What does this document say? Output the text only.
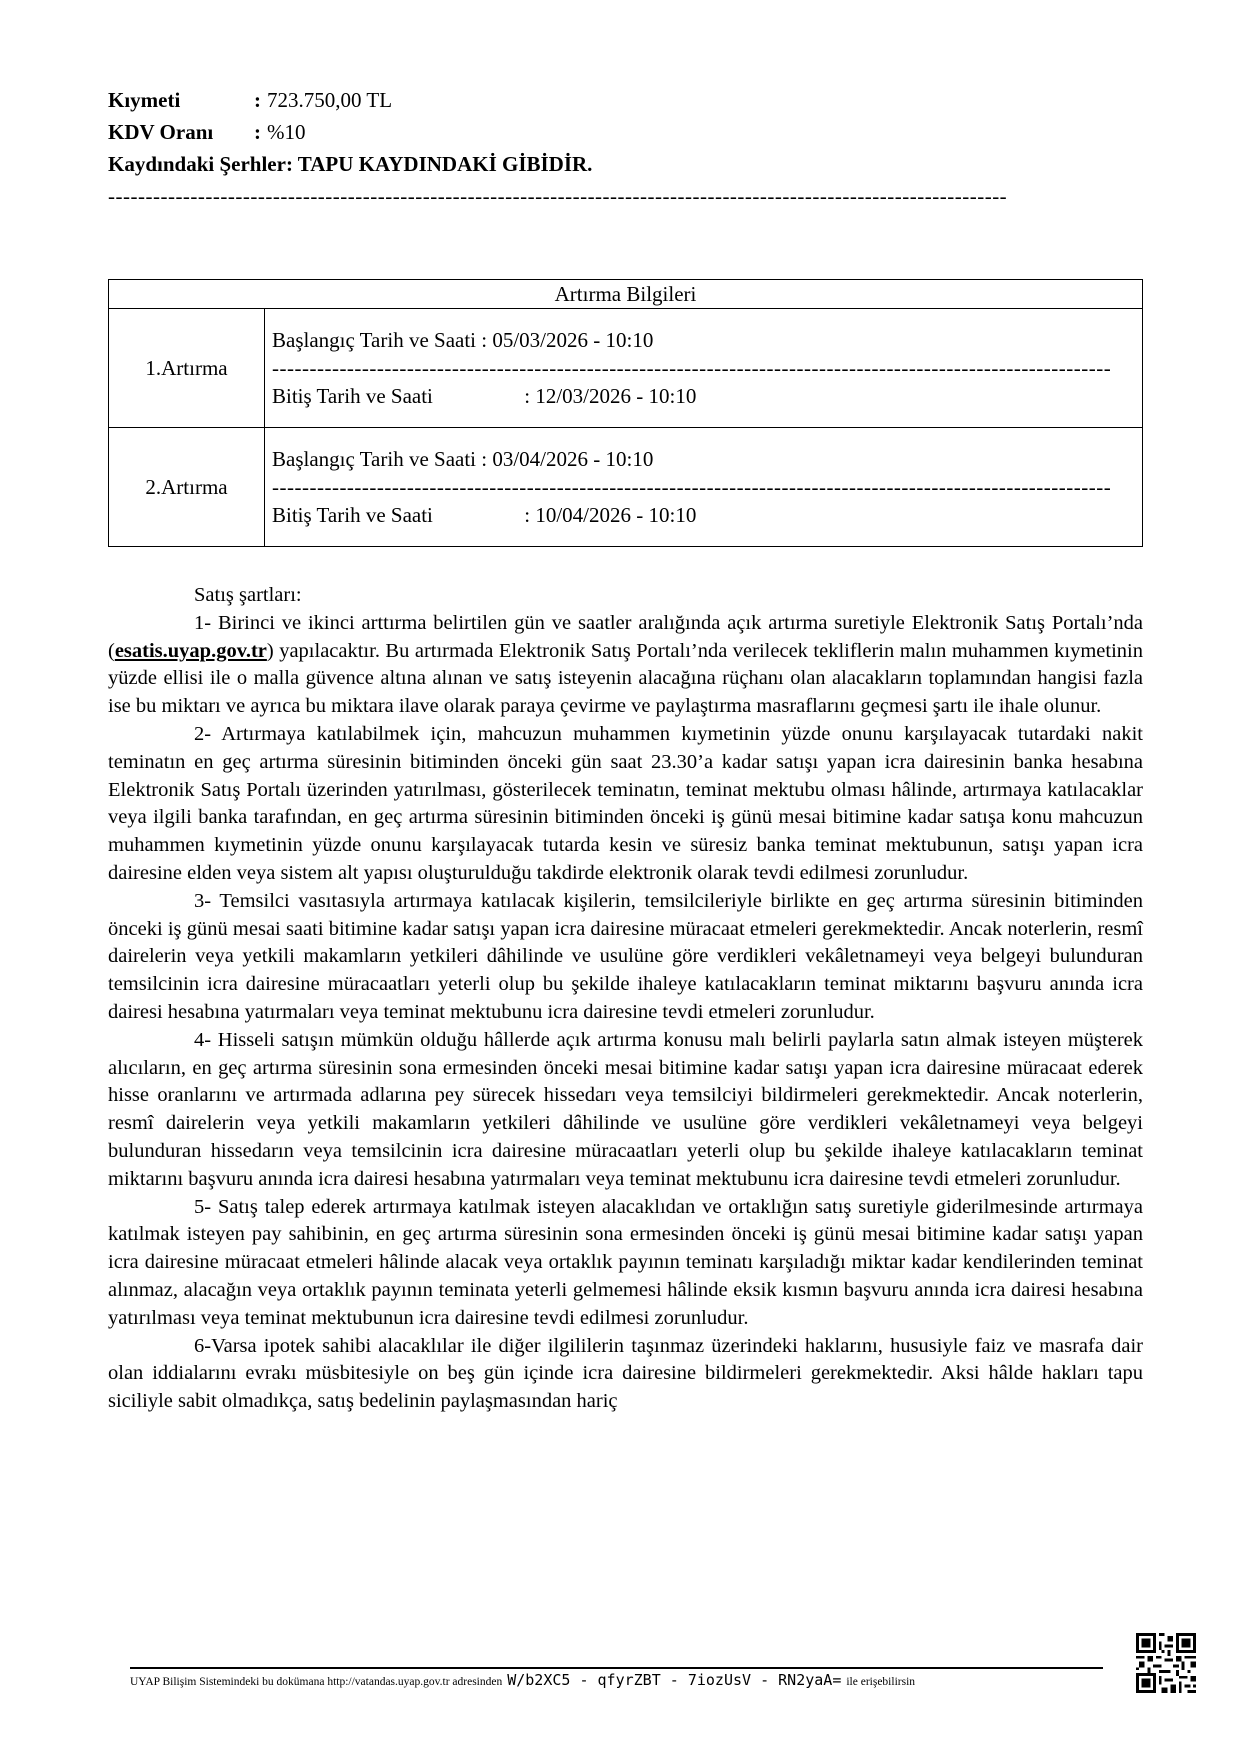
Kıymeti	: 723.750,00 TL
KDV Oranı	: %10
Kaydındaki Şerhler: TAPU KAYDINDAKİ GİBİDİR.
------------------------------------------------------------------------------------------------------------------------
Artırma Bilgileri	
1.Artırma	Başlangıç Tarih ve Saati : 05/03/2026 - 10:10
----------------------------------------------------------------------------------------------------------------
Bitiş Tarih ve Saati : 12/03/2026 - 10:10

2.Artırma	Başlangıç Tarih ve Saati : 03/04/2026 - 10:10
----------------------------------------------------------------------------------------------------------------
Bitiş Tarih ve Saati : 10/04/2026 - 10:10

Satış şartları:

1- Birinci ve ikinci arttırma belirtilen gün ve saatler aralığında açık artırma suretiyle Elektronik Satış Portalı’nda (esatis.uyap.gov.tr) yapılacaktır. Bu artırmada Elektronik Satış Portalı’nda verilecek tekliflerin malın muhammen kıymetinin yüzde ellisi ile o malla güvence altına alınan ve satış isteyenin alacağına rüçhanı olan alacakların toplamından hangisi fazla ise bu miktarı ve ayrıca bu miktara ilave olarak paraya çevirme ve paylaştırma masraflarını geçmesi şartı ile ihale olunur.

2- Artırmaya katılabilmek için, mahcuzun muhammen kıymetinin yüzde onunu karşılayacak tutardaki nakit teminatın en geç artırma süresinin bitiminden önceki gün saat 23.30’a kadar satışı yapan icra dairesinin banka hesabına Elektronik Satış Portalı üzerinden yatırılması, gösterilecek teminatın, teminat mektubu olması hâlinde, artırmaya katılacaklar veya ilgili banka tarafından, en geç artırma süresinin bitiminden önceki iş günü mesai bitimine kadar satışa konu mahcuzun muhammen kıymetinin yüzde onunu karşılayacak tutarda kesin ve süresiz banka teminat mektubunun, satışı yapan icra dairesine elden veya sistem alt yapısı oluşturulduğu takdirde elektronik olarak tevdi edilmesi zorunludur.

3- Temsilci vasıtasıyla artırmaya katılacak kişilerin, temsilcileriyle birlikte en geç artırma süresinin bitiminden önceki iş günü mesai saati bitimine kadar satışı yapan icra dairesine müracaat etmeleri gerekmektedir. Ancak noterlerin, resmî dairelerin veya yetkili makamların yetkileri dâhilinde ve usulüne göre verdikleri vekâletnameyi veya belgeyi bulunduran temsilcinin icra dairesine müracaatları yeterli olup bu şekilde ihaleye katılacakların teminat miktarını başvuru anında icra dairesi hesabına yatırmaları veya teminat mektubunu icra dairesine tevdi etmeleri zorunludur.

4- Hisseli satışın mümkün olduğu hâllerde açık artırma konusu malı belirli paylarla satın almak isteyen müşterek alıcıların, en geç artırma süresinin sona ermesinden önceki mesai bitimine kadar satışı yapan icra dairesine müracaat ederek hisse oranlarını ve artırmada adlarına pey sürecek hissedarı veya temsilciyi bildirmeleri gerekmektedir. Ancak noterlerin, resmî dairelerin veya yetkili makamların yetkileri dâhilinde ve usulüne göre verdikleri vekâletnameyi veya belgeyi bulunduran hissedarın veya temsilcinin icra dairesine müracaatları yeterli olup bu şekilde ihaleye katılacakların teminat miktarını başvuru anında icra dairesi hesabına yatırmaları veya teminat mektubunu icra dairesine tevdi etmeleri zorunludur.

5- Satış talep ederek artırmaya katılmak isteyen alacaklıdan ve ortaklığın satış suretiyle giderilmesinde artırmaya katılmak isteyen pay sahibinin, en geç artırma süresinin sona ermesinden önceki iş günü mesai bitimine kadar satışı yapan icra dairesine müracaat etmeleri hâlinde alacak veya ortaklık payının teminatı karşıladığı miktar kadar kendilerinden teminat alınmaz, alacağın veya ortaklık payının teminata yeterli gelmemesi hâlinde eksik kısmın başvuru anında icra dairesi hesabına yatırılması veya teminat mektubunun icra dairesine tevdi edilmesi zorunludur.

6-Varsa ipotek sahibi alacaklılar ile diğer ilgililerin taşınmaz üzerindeki haklarını, hususiyle faiz ve masrafa dair olan iddialarını evrakı müsbitesiyle on beş gün içinde icra dairesine bildirmeleri gerekmektedir. Aksi hâlde hakları tapu siciliyle sabit olmadıkça, satış bedelinin paylaşmasından hariç

UYAP Bilişim Sistemindeki bu dokümana http://vatandas.uyap.gov.tr adresinden W/b2XC5 - qfyrZBT - 7iozUsV - RN2yaA= ile erişebilirsin
